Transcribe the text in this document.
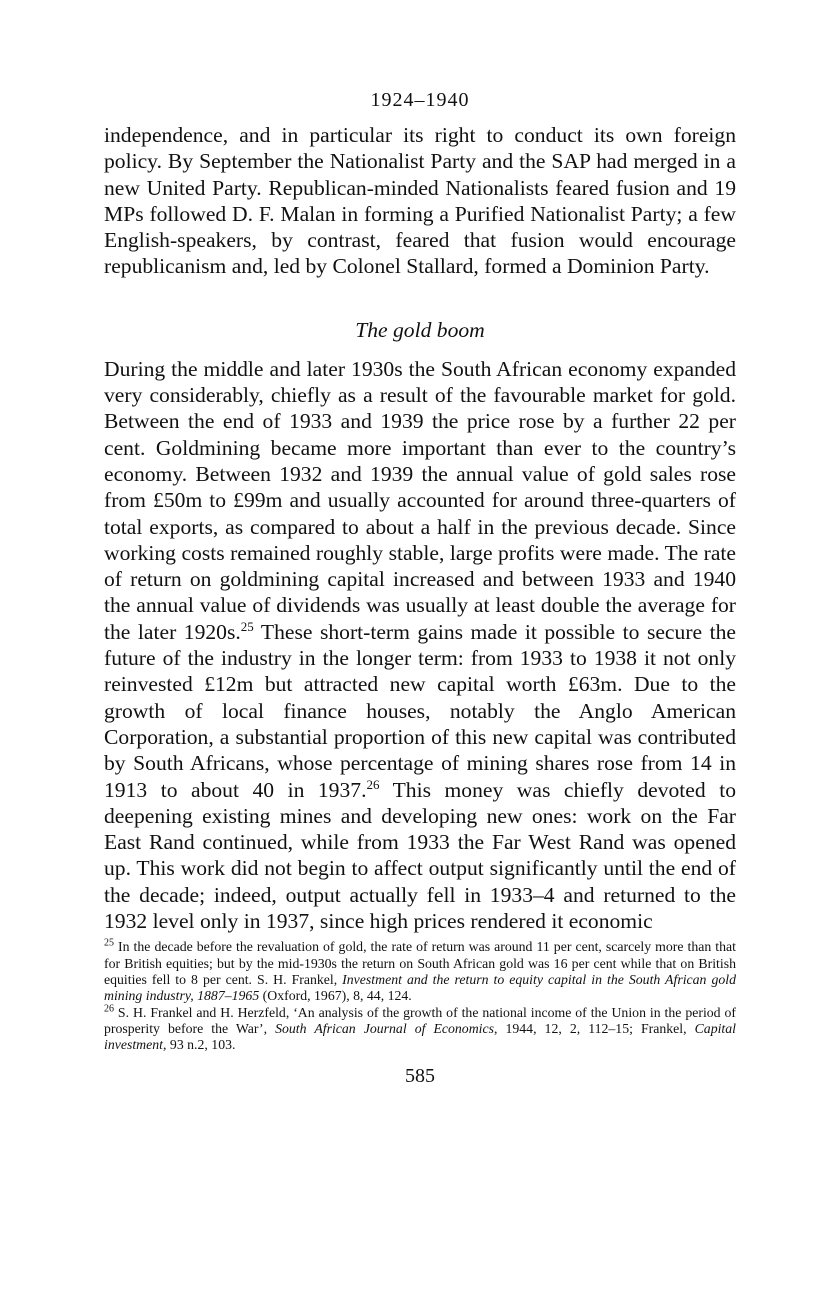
1924–1940

independence, and in particular its right to conduct its own foreign policy. By September the Nationalist Party and the SAP had merged in a new United Party. Republican-minded Nationalists feared fusion and 19 MPs followed D. F. Malan in forming a Purified Nationalist Party; a few English-speakers, by contrast, feared that fusion would encourage republicanism and, led by Colonel Stallard, formed a Dominion Party.

The gold boom

During the middle and later 1930s the South African economy expanded very considerably, chiefly as a result of the favourable market for gold. Between the end of 1933 and 1939 the price rose by a further 22 per cent. Goldmining became more important than ever to the country’s economy. Between 1932 and 1939 the annual value of gold sales rose from £50m to £99m and usually accounted for around three-quarters of total exports, as compared to about a half in the previous decade. Since working costs remained roughly stable, large profits were made. The rate of return on goldmining capital increased and between 1933 and 1940 the annual value of dividends was usually at least double the average for the later 1920s.$^{25}$ These short-term gains made it possible to secure the future of the industry in the longer term: from 1933 to 1938 it not only reinvested £12m but attracted new capital worth £63m. Due to the growth of local finance houses, notably the Anglo American Corporation, a substantial proportion of this new capital was contributed by South Africans, whose percentage of mining shares rose from 14 in 1913 to about 40 in 1937.26 This money was chiefly devoted to deepening existing mines and developing new ones: work on the Far East Rand continued, while from 1933 the Far West Rand was opened up. This work did not begin to affect output significantly until the end of the decade; indeed, output actually fell in 1933–4 and returned to the 1932 level only in 1937, since high prices rendered it economic

$^{25}$ In the decade before the revaluation of gold, the rate of return was around 11 per cent, scarcely more than that for British equities; but by the mid-1930s the return on South African gold was 16 per cent while that on British equities fell to 8 per cent. S. H. Frankel, Investment and the return to equity capital in the South African gold mining industry, 1887–1965 (Oxford, 1967), 8, 44, 124.

$^{26}$ S. H. Frankel and H. Herzfeld, ‘An analysis of the growth of the national income of the Union in the period of prosperity before the War’, South African Journal of Economics, 1944, 12, 2, 112–15; Frankel, Capital investment, 93 n.2, 103.

585
